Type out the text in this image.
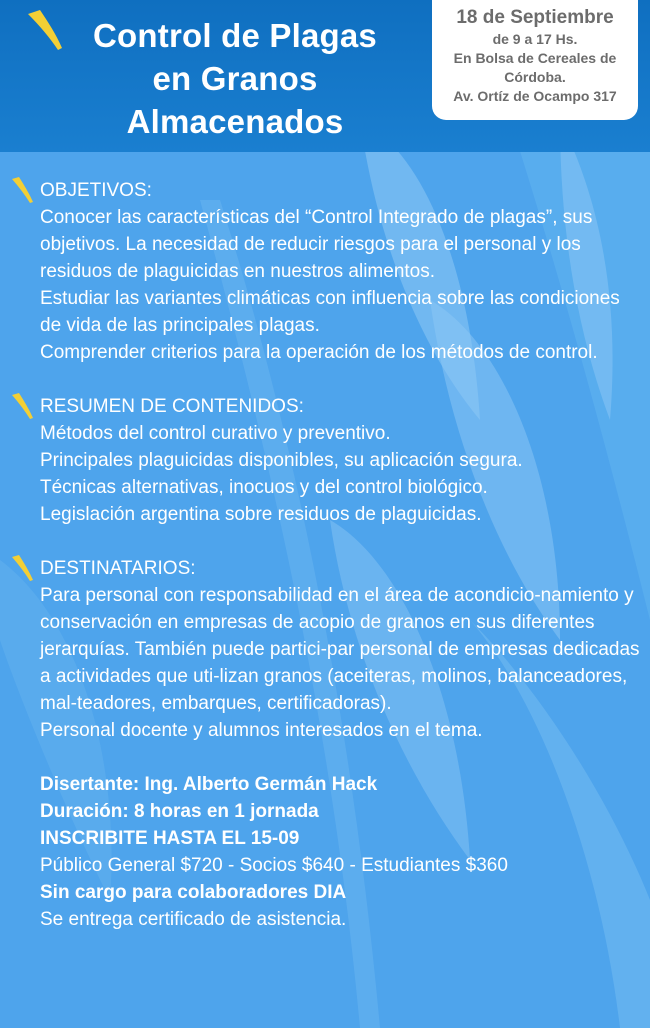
Control de Plagas
en Granos
Almacenados
18 de Septiembre
de 9 a 17 Hs.
En Bolsa de Cereales de
Córdoba.
Av. Ortíz de Ocampo 317
OBJETIVOS:

Conocer las características del “Control Integrado de plagas”, sus objetivos. La necesidad de reducir riesgos para el personal y los residuos de plaguicidas en nuestros alimentos.

Estudiar las variantes climáticas con influencia sobre las condiciones de vida de las principales plagas.

Comprender criterios para la operación de los métodos de control.

RESUMEN DE CONTENIDOS:

Métodos del control curativo y preventivo.

Principales plaguicidas disponibles, su aplicación segura.

Técnicas alternativas, inocuos y del control biológico.

Legislación argentina sobre residuos de plaguicidas.

DESTINATARIOS:

Para personal con responsabilidad en el área de acondicio-namiento y conservación en empresas de acopio de granos en sus diferentes jerarquías. También puede partici-par personal de empresas dedicadas a actividades que uti-lizan granos (aceiteras, molinos, balanceadores, mal-teadores, embarques, certificadoras).

Personal docente y alumnos interesados en el tema.

Disertante: Ing. Alberto Germán Hack

Duración: 8 horas en 1 jornada

INSCRIBITE HASTA EL 15-09

Público General $720 - Socios $640 - Estudiantes $360

Sin cargo para colaboradores DIA

Se entrega certificado de asistencia.
